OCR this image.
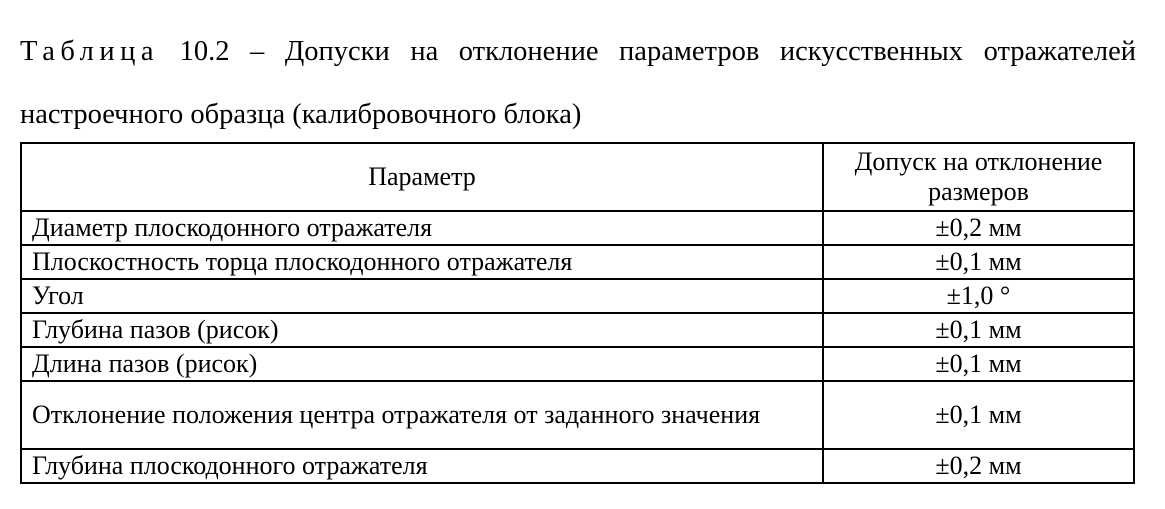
Таблица 10.2 – Допуски на отклонение параметров искусственных отражателей настроечного образца (калибровочного блока)
Параметр	Допуск на отклонение размеров
Диаметр плоскодонного отражателя	±0,2 мм
Плоскостность торца плоскодонного отражателя	±0,1 мм
Угол	±1,0 °
Глубина пазов (рисок)	±0,1 мм
Длина пазов (рисок)	±0,1 мм
Отклонение положения центра отражателя от заданного значения	±0,1 мм
Глубина плоскодонного отражателя	±0,2 мм
